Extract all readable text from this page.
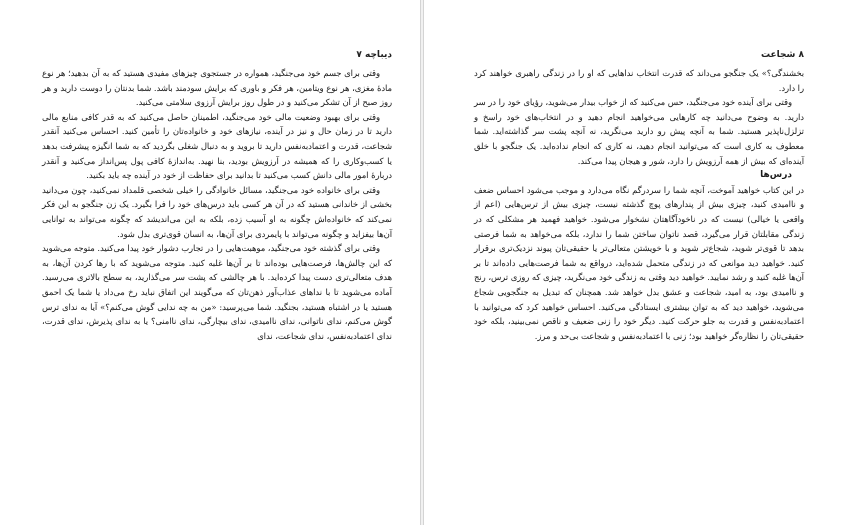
دیباچه ۷

وقتی برای جسم خود می‌جنگید، همواره در جستجوی چیزهای مفیدی هستید که به آن بدهید؛ هر نوع مادهٔ مغزی، هر نوع ویتامین، هر فکر و باوری که برایش سودمند باشد. شما بدنتان را دوست دارید و هر روز صبح از آن تشکر می‌کنید و در طول روز برایش آرزوی سلامتی می‌کنید.

وقتی برای بهبود وضعیت مالی خود می‌جنگید، اطمینان حاصل می‌کنید که به قدر کافی منابع مالی دارید تا در زمان حال و نیز در آینده، نیازهای خود و خانواده‌تان را تأمین کنید. احساس می‌کنید آنقدر شجاعت، قدرت و اعتماد‌به‌نفس دارید تا بروید و به دنبال شغلی بگردید که به شما انگیزه پیشرفت بدهد یا کسب‌وکاری را که همیشه در آرزویش بودید، بنا نهید. به‌اندازهٔ کافی پول پس‌انداز می‌کنید و آنقدر دربارهٔ امور مالی دانش کسب می‌کنید تا بدانید برای حفاظت از خود در آینده چه باید بکنید.

وقتی برای خانواده خود می‌جنگید، مسائل خانوادگی را خیلی شخصی قلمداد نمی‌کنید، چون می‌دانید بخشی از خاندانی هستید که در آن هر کسی باید درس‌های خود را فرا بگیرد. یک زن جنگجو به این فکر نمی‌کند که خانواده‌اش چگونه به او آسیب زده، بلکه به این می‌اندیشد که چگونه می‌تواند به توانایی آن‌ها بیفزاید و چگونه می‌تواند با پایمردی برای آن‌ها، به انسان قوی‌تری بدل شود.

وقتی برای گذشته خود می‌جنگید، موهبت‌هایی را در تجارب دشوار خود پیدا می‌کنید. متوجه می‌شوید که این چالش‌ها، فرصت‌هایی بوده‌اند تا بر آن‌ها غلبه کنید. متوجه می‌شوید که با رها کردن آن‌ها، به هدف متعالی‌تری دست پیدا کرده‌اید. با هر چالشی که پشت سر می‌گذارید، به سطح بالاتری می‌رسید. آماده می‌شوید تا با نداهای عذاب‌آور ذهن‌تان که می‌گویند این اتفاق نباید رخ می‌داد یا شما یک احمق هستید یا در اشتباه هستید، بجنگید. شما می‌پرسید: «من به چه ندایی گوش می‌کنم؟» آیا به ندای ترس گوش می‌کنم، ندای ناتوانی، ندای ناامیدی، ندای بیچارگی، ندای ناامنی؟ یا به ندای پذیرش، ندای قدرت، ندای اعتماد‌به‌نفس، ندای شجاعت، ندای

۸ شجاعت

بخشندگی؟» یک جنگجو می‌داند که قدرت انتخاب نداهایی که او را در زندگی راهبری خواهند کرد را دارد.

وقتی برای آینده خود می‌جنگید، حس می‌کنید که از خواب بیدار می‌شوید، رؤیای خود را در سر دارید. به وضوح می‌دانید چه کارهایی می‌خواهید انجام دهید و در انتخاب‌های خود راسخ و تزلزل‌ناپذیر هستید. شما به آنچه پیش رو دارید می‌نگرید، نه آنچه پشت سر گذاشته‌اید. شما معطوف به کاری است که می‌توانید انجام دهید، نه کاری که انجام نداده‌اید. یک جنگجو با خلق آینده‌ای که بیش از همه آرزویش را دارد، شور و هیجان پیدا می‌کند.

درس‌ها

در این کتاب خواهید آموخت، آنچه شما را سردرگم نگاه می‌دارد و موجب می‌شود احساس ضعف و ناامیدی کنید، چیزی بیش از پندارهای پوچ گذشته نیست، چیزی بیش از ترس‌هایی (اعم از واقعی یا خیالی) نیست که در ناخودآگاهتان نشخوار می‌شود. خواهید فهمید هر مشکلی که در زندگی مقابلتان قرار می‌گیرد، قصد ناتوان ساختن شما را ندارد، بلکه می‌خواهد به شما فرصتی بدهد تا قوی‌تر شوید، شجاع‌تر شوید و با خویشتن متعالی‌تر یا حقیقی‌تان پیوند نزدیک‌تری برقرار کنید. خواهید دید موانعی که در زندگی متحمل شده‌اید، درواقع به شما فرصت‌هایی داده‌اند تا بر آن‌ها غلبه کنید و رشد نمایید. خواهید دید وقتی به زندگی خود می‌نگرید، چیزی که روزی ترس، رنج و ناامیدی بود، به امید، شجاعت و عشق بدل خواهد شد. همچنان که تبدیل به جنگجویی شجاع می‌شوید، خواهید دید که به توان بیشتری ایستادگی می‌کنید. احساس خواهید کرد که می‌توانید با اعتماد‌به‌نفس و قدرت به جلو حرکت کنید. دیگر خود را زنی ضعیف و ناقص نمی‌بینید، بلکه خود حقیقی‌تان را نظاره‌گر خواهید بود؛ زنی با اعتماد‌به‌نفس و شجاعت بی‌حد و مرز.
